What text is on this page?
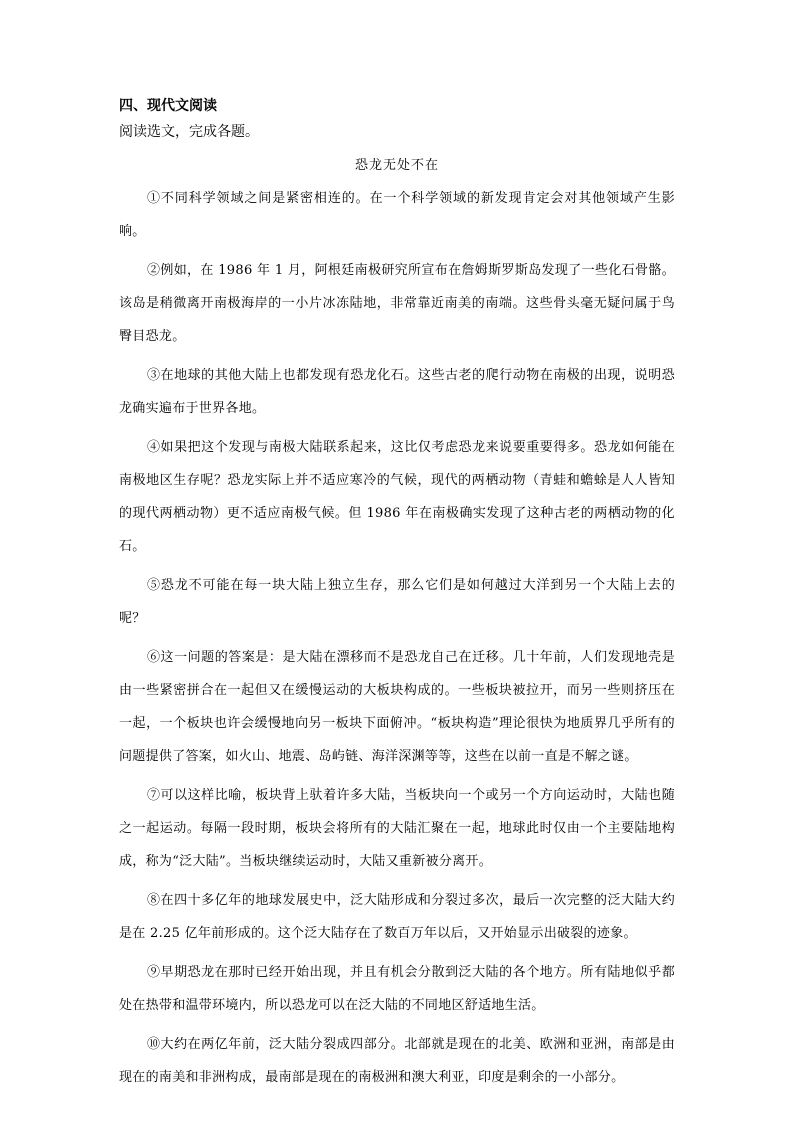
四、现代文阅读

阅读选文，完成各题。

恐龙无处不在

①不同科学领域之间是紧密相连的。在一个科学领域的新发现肯定会对其他领域产生影响。

②例如，在 1986 年 1 月，阿根廷南极研究所宣布在詹姆斯罗斯岛发现了一些化石骨骼。该岛是稍微离开南极海岸的一小片冰冻陆地，非常靠近南美的南端。这些骨头毫无疑问属于鸟臀目恐龙。

③在地球的其他大陆上也都发现有恐龙化石。这些古老的爬行动物在南极的出现，说明恐龙确实遍布于世界各地。

④如果把这个发现与南极大陆联系起来，这比仅考虑恐龙来说要重要得多。恐龙如何能在南极地区生存呢？恐龙实际上并不适应寒冷的气候，现代的两栖动物（青蛙和蟾蜍是人人皆知的现代两栖动物）更不适应南极气候。但 1986 年在南极确实发现了这种古老的两栖动物的化石。

⑤恐龙不可能在每一块大陆上独立生存，那么它们是如何越过大洋到另一个大陆上去的呢？

⑥这一问题的答案是：是大陆在漂移而不是恐龙自己在迁移。几十年前，人们发现地壳是由一些紧密拼合在一起但又在缓慢运动的大板块构成的。一些板块被拉开，而另一些则挤压在一起，一个板块也许会缓慢地向另一板块下面俯冲。“板块构造”理论很快为地质界几乎所有的问题提供了答案，如火山、地震、岛屿链、海洋深渊等等，这些在以前一直是不解之谜。

⑦可以这样比喻，板块背上驮着许多大陆，当板块向一个或另一个方向运动时，大陆也随之一起运动。每隔一段时期，板块会将所有的大陆汇聚在一起，地球此时仅由一个主要陆地构成，称为“泛大陆”。当板块继续运动时，大陆又重新被分离开。

⑧在四十多亿年的地球发展史中，泛大陆形成和分裂过多次，最后一次完整的泛大陆大约是在 2.25 亿年前形成的。这个泛大陆存在了数百万年以后，又开始显示出破裂的迹象。

⑨早期恐龙在那时已经开始出现，并且有机会分散到泛大陆的各个地方。所有陆地似乎都处在热带和温带环境内，所以恐龙可以在泛大陆的不同地区舒适地生活。

⑩大约在两亿年前，泛大陆分裂成四部分。北部就是现在的北美、欧洲和亚洲，南部是由现在的南美和非洲构成，最南部是现在的南极洲和澳大利亚，印度是剩余的一小部分。
